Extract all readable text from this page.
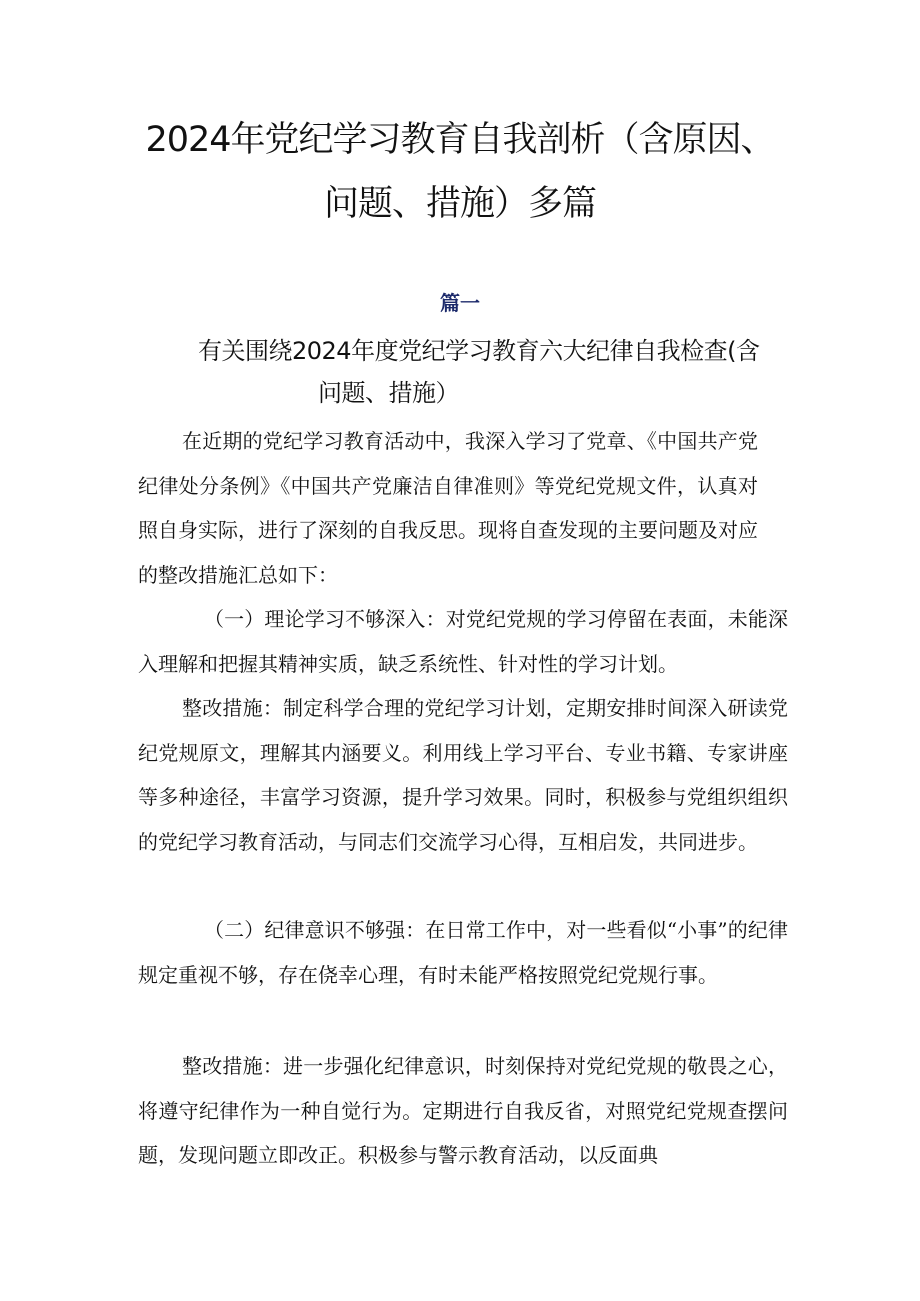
2024年党纪学习教育自我剖析（含原因、
问题、措施）多篇
篇一
有关围绕2024年度党纪学习教育六大纪律自我检查(含
问题、措施）

在近期的党纪学习教育活动中，我深入学习了党章、《中国共产党纪律处分条例》《中国共产党廉洁自律准则》等党纪党规文件，认真对照自身实际，进行了深刻的自我反思。现将自查发现的主要问题及对应的整改措施汇总如下：

（一）理论学习不够深入：对党纪党规的学习停留在表面，未能深入理解和把握其精神实质，缺乏系统性、针对性的学习计划。

整改措施：制定科学合理的党纪学习计划，定期安排时间深入研读党纪党规原文，理解其内涵要义。利用线上学习平台、专业书籍、专家讲座等多种途径，丰富学习资源，提升学习效果。同时，积极参与党组织组织的党纪学习教育活动，与同志们交流学习心得，互相启发，共同进步。

（二）纪律意识不够强：在日常工作中，对一些看似“小事”的纪律规定重视不够，存在侥幸心理，有时未能严格按照党纪党规行事。

整改措施：进一步强化纪律意识，时刻保持对党纪党规的敬畏之心，将遵守纪律作为一种自觉行为。定期进行自我反省，对照党纪党规查摆问题，发现问题立即改正。积极参与警示教育活动，以反面典
